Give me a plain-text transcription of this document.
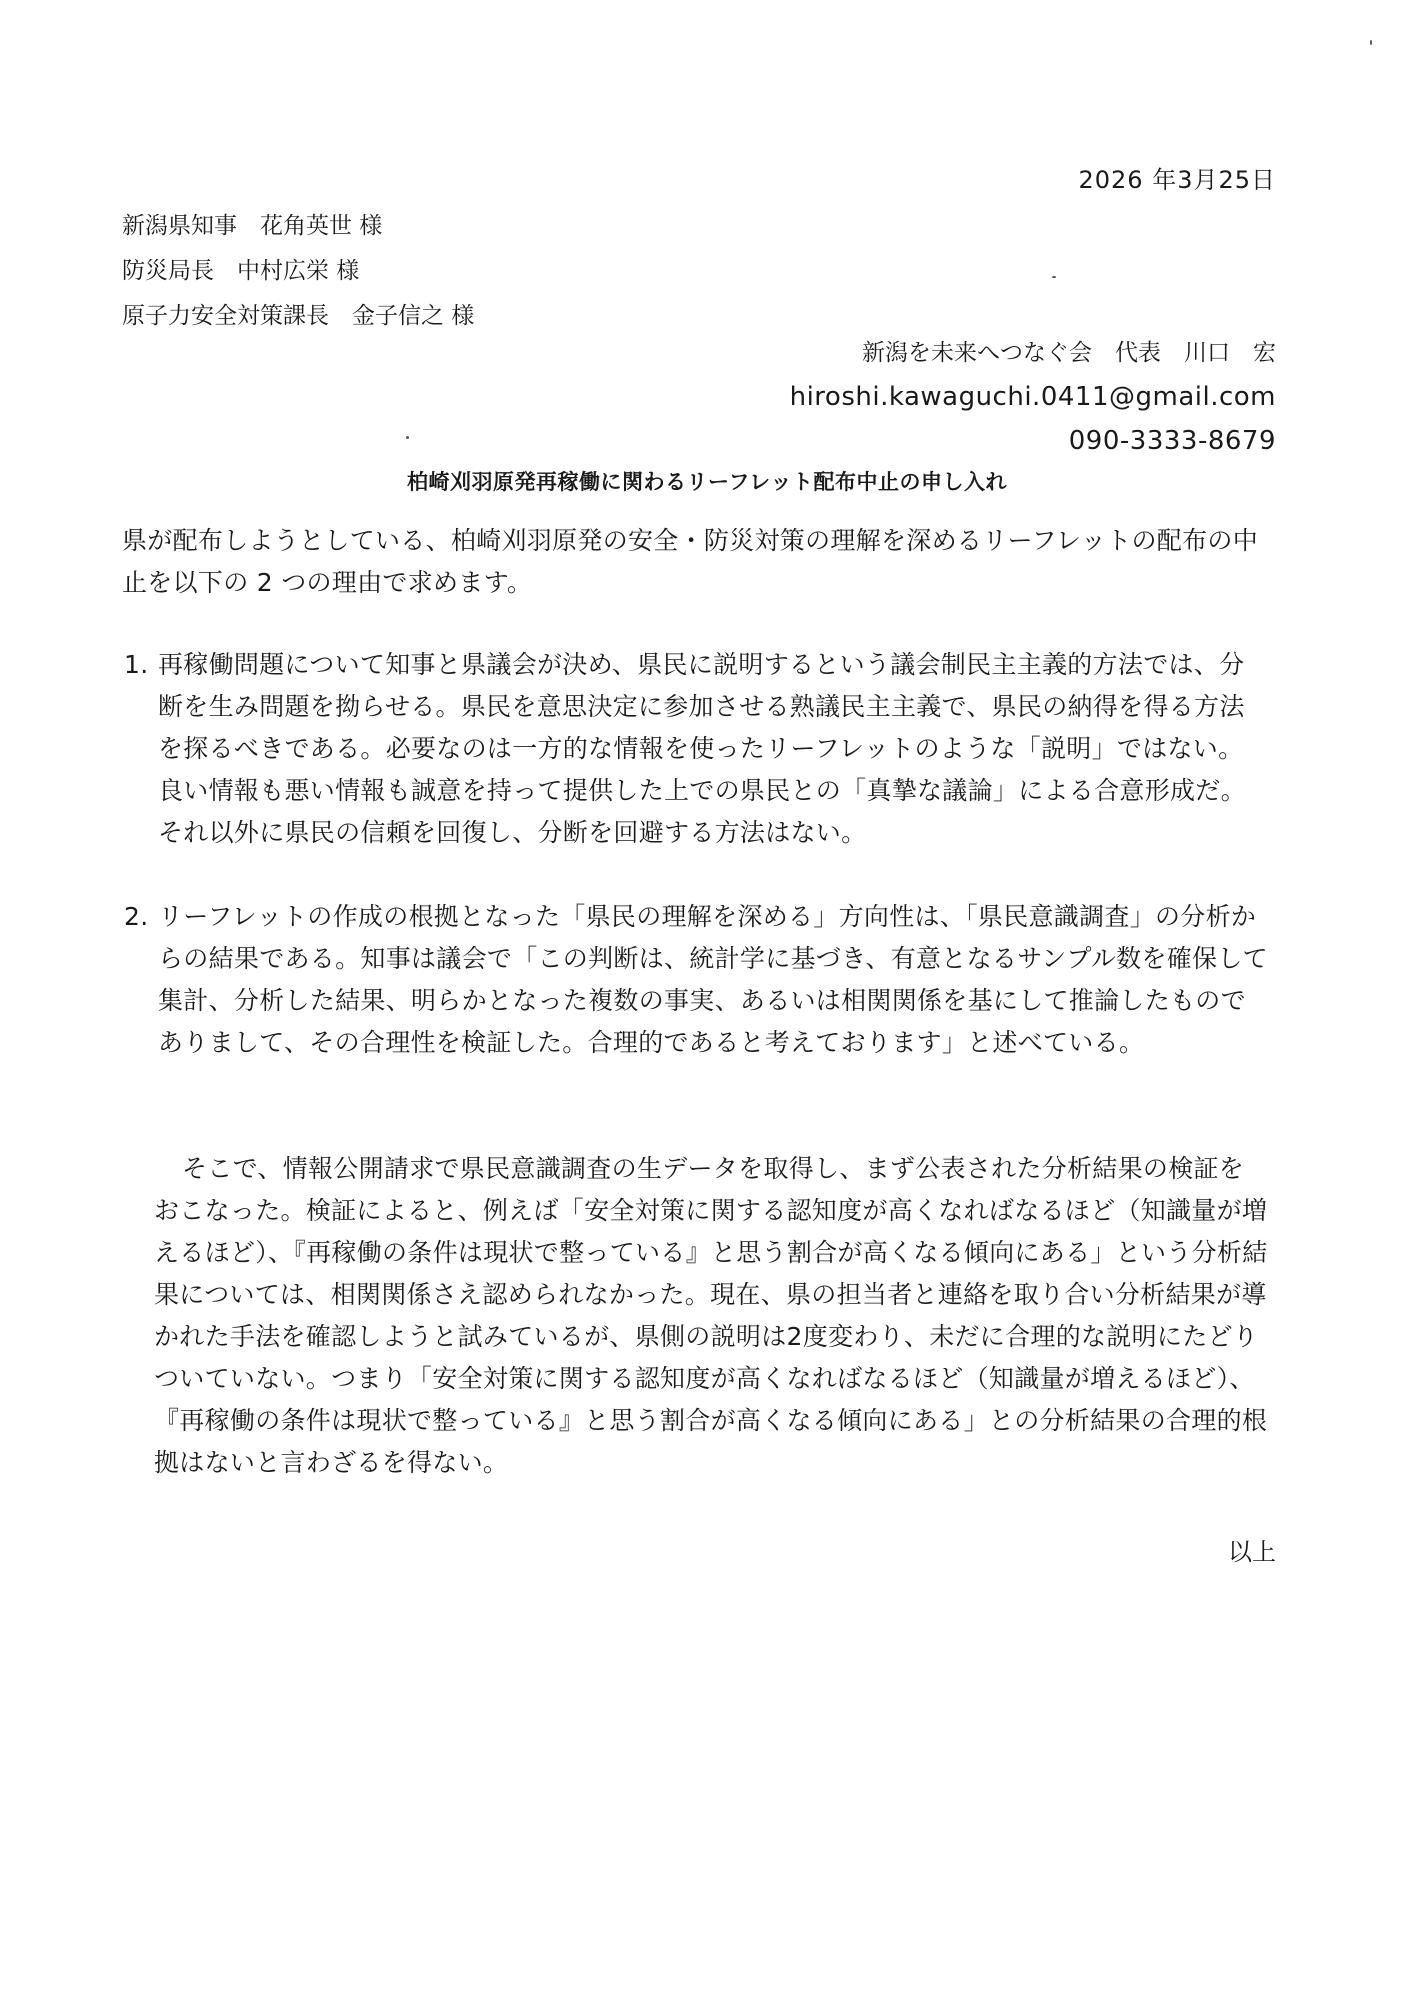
2026 年3月25日
新潟県知事　花角英世 様
防災局長　中村広栄 様
原子力安全対策課長　金子信之 様
新潟を未来へつなぐ会　代表　川口　宏
hiroshi.kawaguchi.0411@gmail.com
090-3333-8679
柏崎刈羽原発再稼働に関わるリーフレット配布中止の申し入れ
県が配布しようとしている、柏崎刈羽原発の安全・防災対策の理解を深めるリーフレットの配布の中止を以下の 2 つの理由で求めます。
1. 再稼働問題について知事と県議会が決め、県民に説明するという議会制民主主義的方法では、分断を生み問題を拗らせる。県民を意思決定に参加させる熟議民主主義で、県民の納得を得る方法を探るべきである。必要なのは一方的な情報を使ったリーフレットのような「説明」ではない。良い情報も悪い情報も誠意を持って提供した上での県民との「真摯な議論」による合意形成だ。それ以外に県民の信頼を回復し、分断を回避する方法はない。
2. リーフレットの作成の根拠となった「県民の理解を深める」方向性は、「県民意識調査」の分析からの結果である。知事は議会で「この判断は、統計学に基づき、有意となるサンプル数を確保して集計、分析した結果、明らかとなった複数の事実、あるいは相関関係を基にして推論したものでありまして、その合理性を検証した。合理的であると考えております」と述べている。
そこで、情報公開請求で県民意識調査の生データを取得し、まず公表された分析結果の検証をおこなった。検証によると、例えば「安全対策に関する認知度が高くなればなるほど（知識量が増えるほど）、『再稼働の条件は現状で整っている』と思う割合が高くなる傾向にある」という分析結果については、相関関係さえ認められなかった。現在、県の担当者と連絡を取り合い分析結果が導かれた手法を確認しようと試みているが、県側の説明は2度変わり、未だに合理的な説明にたどりついていない。つまり「安全対策に関する認知度が高くなればなるほど（知識量が増えるほど）、『再稼働の条件は現状で整っている』と思う割合が高くなる傾向にある」との分析結果の合理的根拠はないと言わざるを得ない。
以上
